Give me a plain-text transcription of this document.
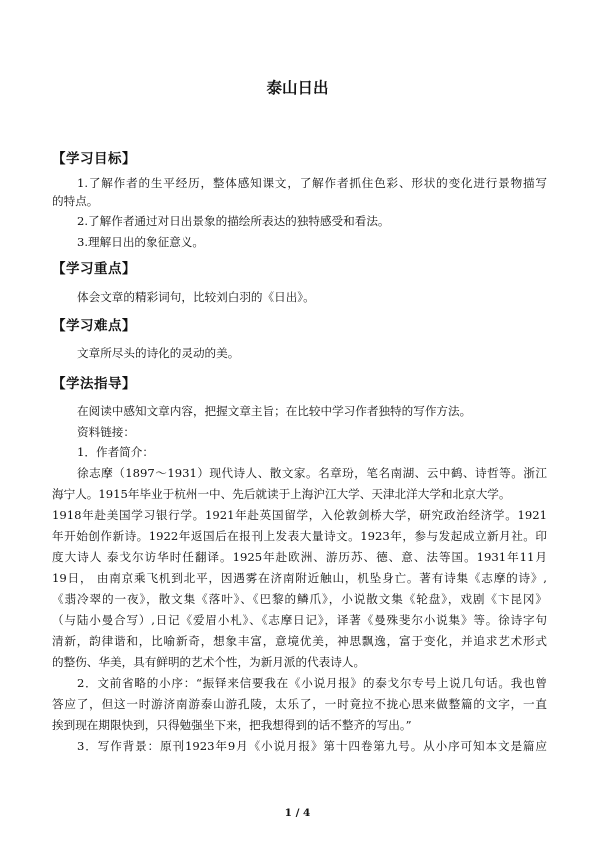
泰山日出
【学习目标】
1.了解作者的生平经历，整体感知课文，了解作者抓住色彩、形状的变化进行景物描写
的特点。
2.了解作者通过对日出景象的描绘所表达的独特感受和看法。
3.理解日出的象征意义。
【学习重点】
体会文章的精彩词句，比较刘白羽的《日出》。
【学习难点】
文章所尽头的诗化的灵动的美。
【学法指导】
在阅读中感知文章内容，把握文章主旨；在比较中学习作者独特的写作方法。
资料链接：
1．作者简介：
徐志摩（1897～1931）现代诗人、散文家。名章玢，笔名南湖、云中鹤、诗哲等。浙江
海宁人。1915年毕业于杭州一中、先后就读于上海沪江大学、天津北洋大学和北京大学。
1918年赴美国学习银行学。1921年赴英国留学，入伦敦剑桥大学，研究政治经济学。1921
年开始创作新诗。1922年返国后在报刊上发表大量诗文。1923年，参与发起成立新月社。印
度大诗人 泰戈尔访华时任翻译。1925年赴欧洲、游历苏、德、意、法等国。1931年11月
19日， 由南京乘飞机到北平，因遇雾在济南附近触山，机坠身亡。著有诗集《志摩的诗》,
《翡冷翠的一夜》，散文集《落叶》、《巴黎的鳞爪》，小说散文集《轮盘》，戏剧《卞昆冈》
（与陆小曼合写）,日记《爱眉小札》、《志摩日记》，译著《曼殊斐尔小说集》等。徐诗字句
清新，韵律谐和，比喻新奇，想象丰富，意境优美，神思飘逸，富于变化，并追求艺术形式
的整伤、华美，具有鲜明的艺术个性，为新月派的代表诗人。
2．文前省略的小序：“振铎来信要我在《小说月报》的泰戈尔专号上说几句话。我也曾
答应了，但这一时游济南游泰山游孔陵，太乐了，一时竟拉不拢心思来做整篇的文字，一直
挨到现在期限快到，只得勉强坐下来，把我想得到的话不整齐的写出。”
3．写作背景：原刊1923年9月《小说月报》第十四卷第九号。从小序可知本文是篇应
1 / 4
